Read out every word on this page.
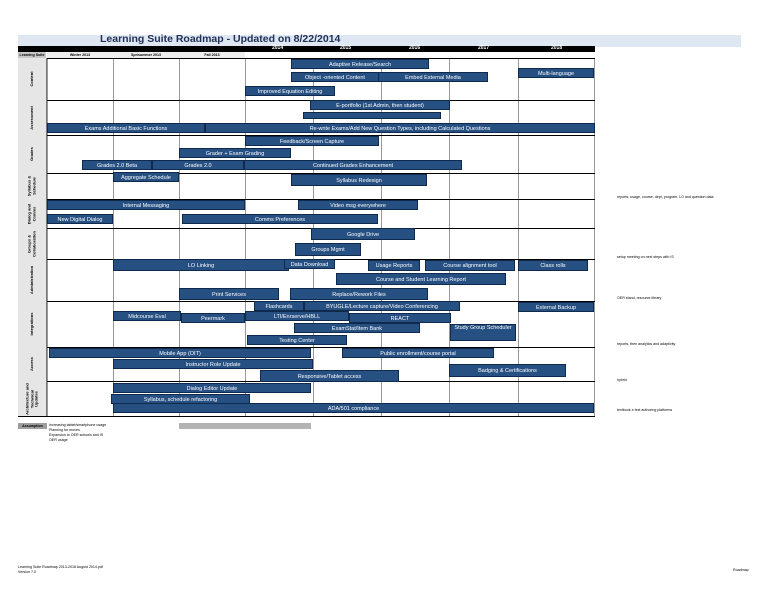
Learning Suite Roadmap - Updated on 8/22/2014
2014	2015	2016	2017	2018
Learning Suite	Winter 2013	Spr/summer 2013	Fall 2013
Content
Assessment
Grades
Syllabus & Schedule
Dialog and Comms
Groups & Collaboration
Administration
Integrations
Access
Architecture and Technical Updates
Adaptive Release/Search
Object -oriented Content	Embed External Media
Multi-language
Improved Equation Editing
E-portfolio (1st Admin, then student)
Exams Additional Basic Functions	Re-write Exams/Add New Question Types, including Calculated Questions
Feedback/Screen Capture
Grader + Exam Grading
Grades 2.0 Beta	Grades 2.0	Continued Grades Enhancement
Aggregate Schedule	Syllabus Redesign
Internal Messaging	Video msg everywhere
New Digital Dialog	Comms Preferences
Google Drive
Groups Mgmt
LO Linking	Data Download	Usage Reports	Course alignment tool	Class rolls
Course and Student Learning Report
Print Services	Replace/Rework Files
Flashcards	BYUGLE/Lecture capture/Video Conferencing	External Backup
Midcourse Eval	Peermark	LTI/Enrserve/HBLL	REACT
ExamStat/Item Bank	Study Group Scheduler
Testing Center
Mobile App (OIT)	Public enrollment/course portal
Instructor Role Update
Badging & Certifications
Responsive/Tablet access
Dialog Editor Update
Syllabus, schedule refactoring
ADA/501 compliance
reports: usage, course, dept, program, LO and question data
setup meeting on next steps with IS
OER stand, resource library
reports, then analytics and adaptivity
hybrid
textbook e text authoring platforms
Assumption	Increasing tablet/smartphone usage
Planning for moves
Expansion to OER schools and IS
OER usage
Learning Suite Roadmap 2013-2018 August 2014.pdf
Version 7.0	Roadmap
